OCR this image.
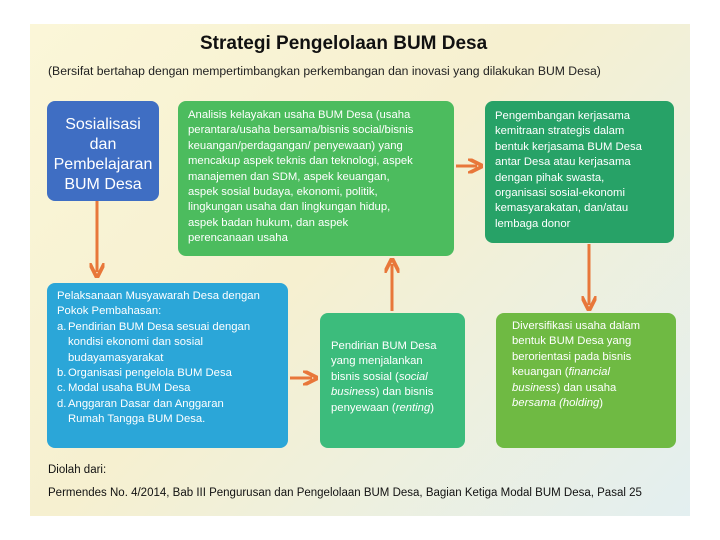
Strategi Pengelolaan BUM Desa
(Bersifat bertahap dengan mempertimbangkan perkembangan dan inovasi yang dilakukan BUM Desa)
Sosialisasi
dan
Pembelajaran
BUM Desa
Analisis kelayakan usaha BUM Desa (usaha
perantara/usaha bersama/bisnis social/bisnis
keuangan/perdagangan/ penyewaan) yang
mencakup aspek teknis dan teknologi, aspek
manajemen dan SDM, aspek keuangan,
aspek sosial budaya, ekonomi, politik,
lingkungan usaha dan lingkungan hidup,
aspek badan hukum, dan aspek
perencanaan usaha
Pengembangan kerjasama
kemitraan strategis dalam
bentuk kerjasama BUM Desa
antar Desa atau kerjasama
dengan pihak swasta,
organisasi sosial-ekonomi
kemasyarakatan, dan/atau
lembaga donor
Pelaksanaan Musyawarah Desa dengan
Pokok Pembahasan:
a. Pendirian BUM Desa sesuai dengan
kondisi ekonomi dan sosial
budayamasyarakat
b. Organisasi pengelola BUM Desa
c. Modal usaha BUM Desa
d. Anggaran Dasar dan Anggaran
Rumah Tangga BUM Desa.
Pendirian BUM Desa
yang menjalankan
bisnis sosial (social
business) dan bisnis
penyewaan (renting)
Diversifikasi usaha dalam
bentuk BUM Desa yang
berorientasi pada bisnis
keuangan (financial
business) dan usaha
bersama (holding)
Diolah dari:
Permendes No. 4/2014, Bab III Pengurusan dan Pengelolaan BUM Desa, Bagian Ketiga Modal BUM Desa, Pasal 25
